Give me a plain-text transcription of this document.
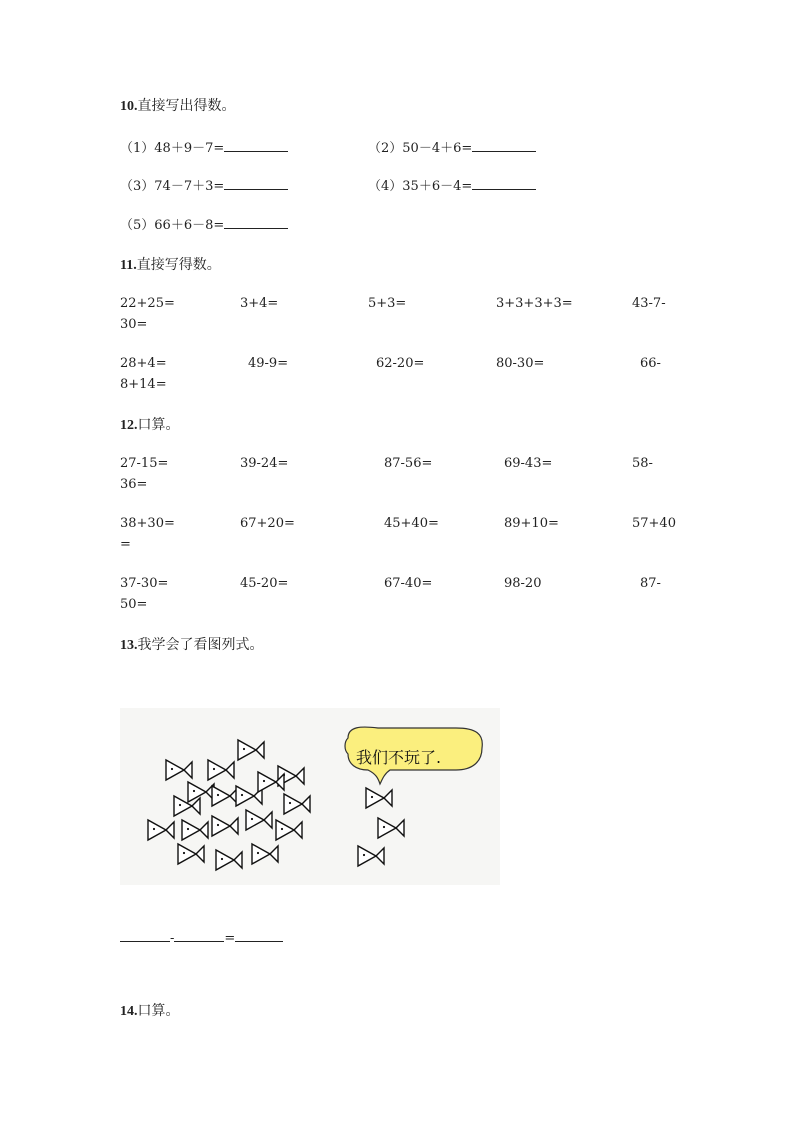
10.直接写出得数。
（1）48＋9－7=	（2）50－4＋6=
（3）74－7＋3=	（4）35＋6－4=
（5）66＋6－8=
11.直接写得数。
22+25=	3+4=	5+3=	3+3+3+3=	43-7-
30=
28+4=	49-9=	62-20=	80-30=	66-
8+14=
12.口算。
27-15=	39-24=	87-56=	69-43=	58-
36=
38+30=	67+20=	45+40=	89+10=	57+40
=
37-30=	45-20=	67-40=	98-20	87-
50=
13.我学会了看图列式。
我们不玩了.
-	=
14.口算。
